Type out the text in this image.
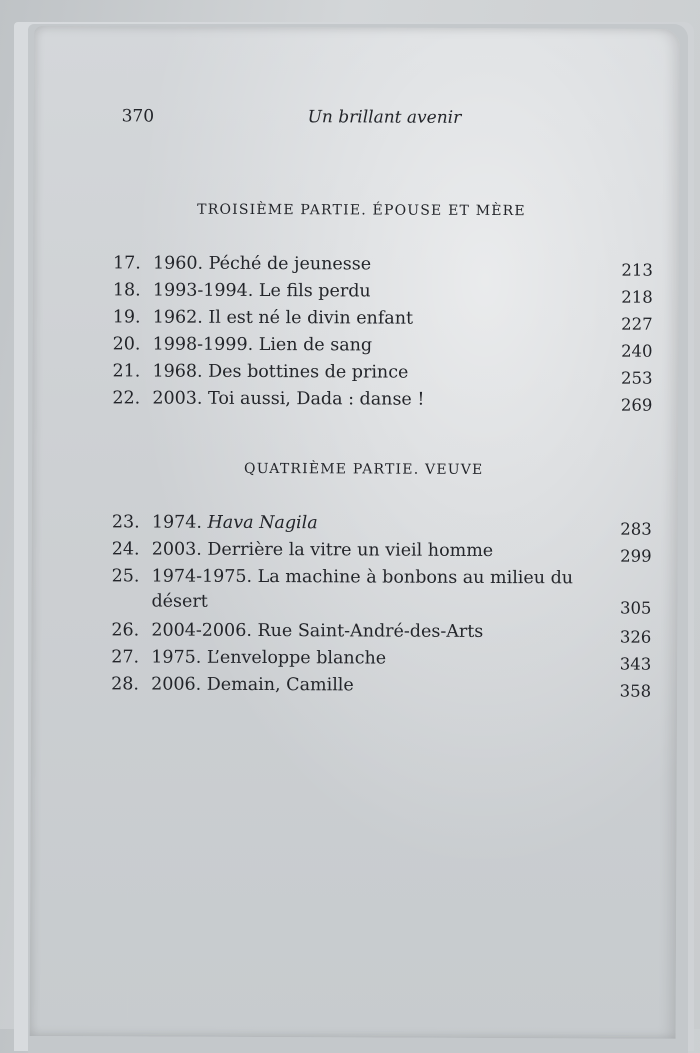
370	Un brillant avenir
TROISIÈME PARTIE. ÉPOUSE ET MÈRE
17. 1960. Péché de jeunesse	213
18. 1993-1994. Le fils perdu	218
19. 1962. Il est né le divin enfant	227
20. 1998-1999. Lien de sang	240
21. 1968. Des bottines de prince	253
22. 2003. Toi aussi, Dada : danse !	269
QUATRIÈME PARTIE. VEUVE
23. 1974. Hava Nagila	283
24. 2003. Derrière la vitre un vieil homme	299
25. 1974-1975. La machine à bonbons au milieu du désert	305
26. 2004-2006. Rue Saint-André-des-Arts	326
27. 1975. L’enveloppe blanche	343
28. 2006. Demain, Camille	358
